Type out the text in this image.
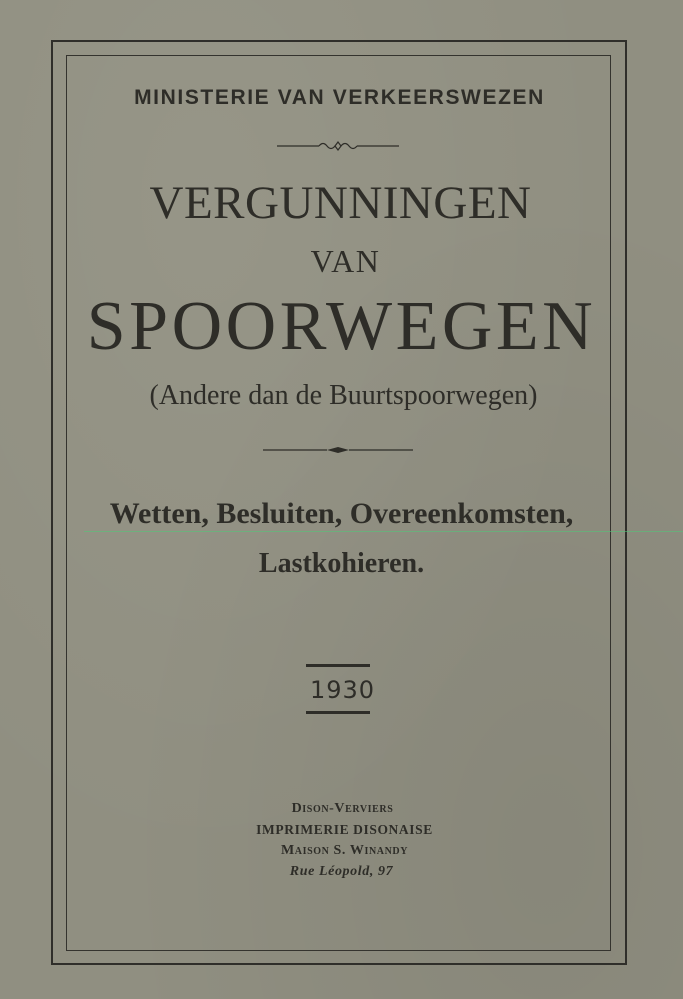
MINISTERIE VAN VERKEERSWEZEN
VERGUNNINGEN
VAN
SPOORWEGEN
(Andere dan de Buurtspoorwegen)
Wetten, Besluiten, Overeenkomsten,
Lastkohieren.
1930
Dison-Verviers
IMPRIMERIE DISONAISE
Maison S. Winandy
Rue Léopold, 97
